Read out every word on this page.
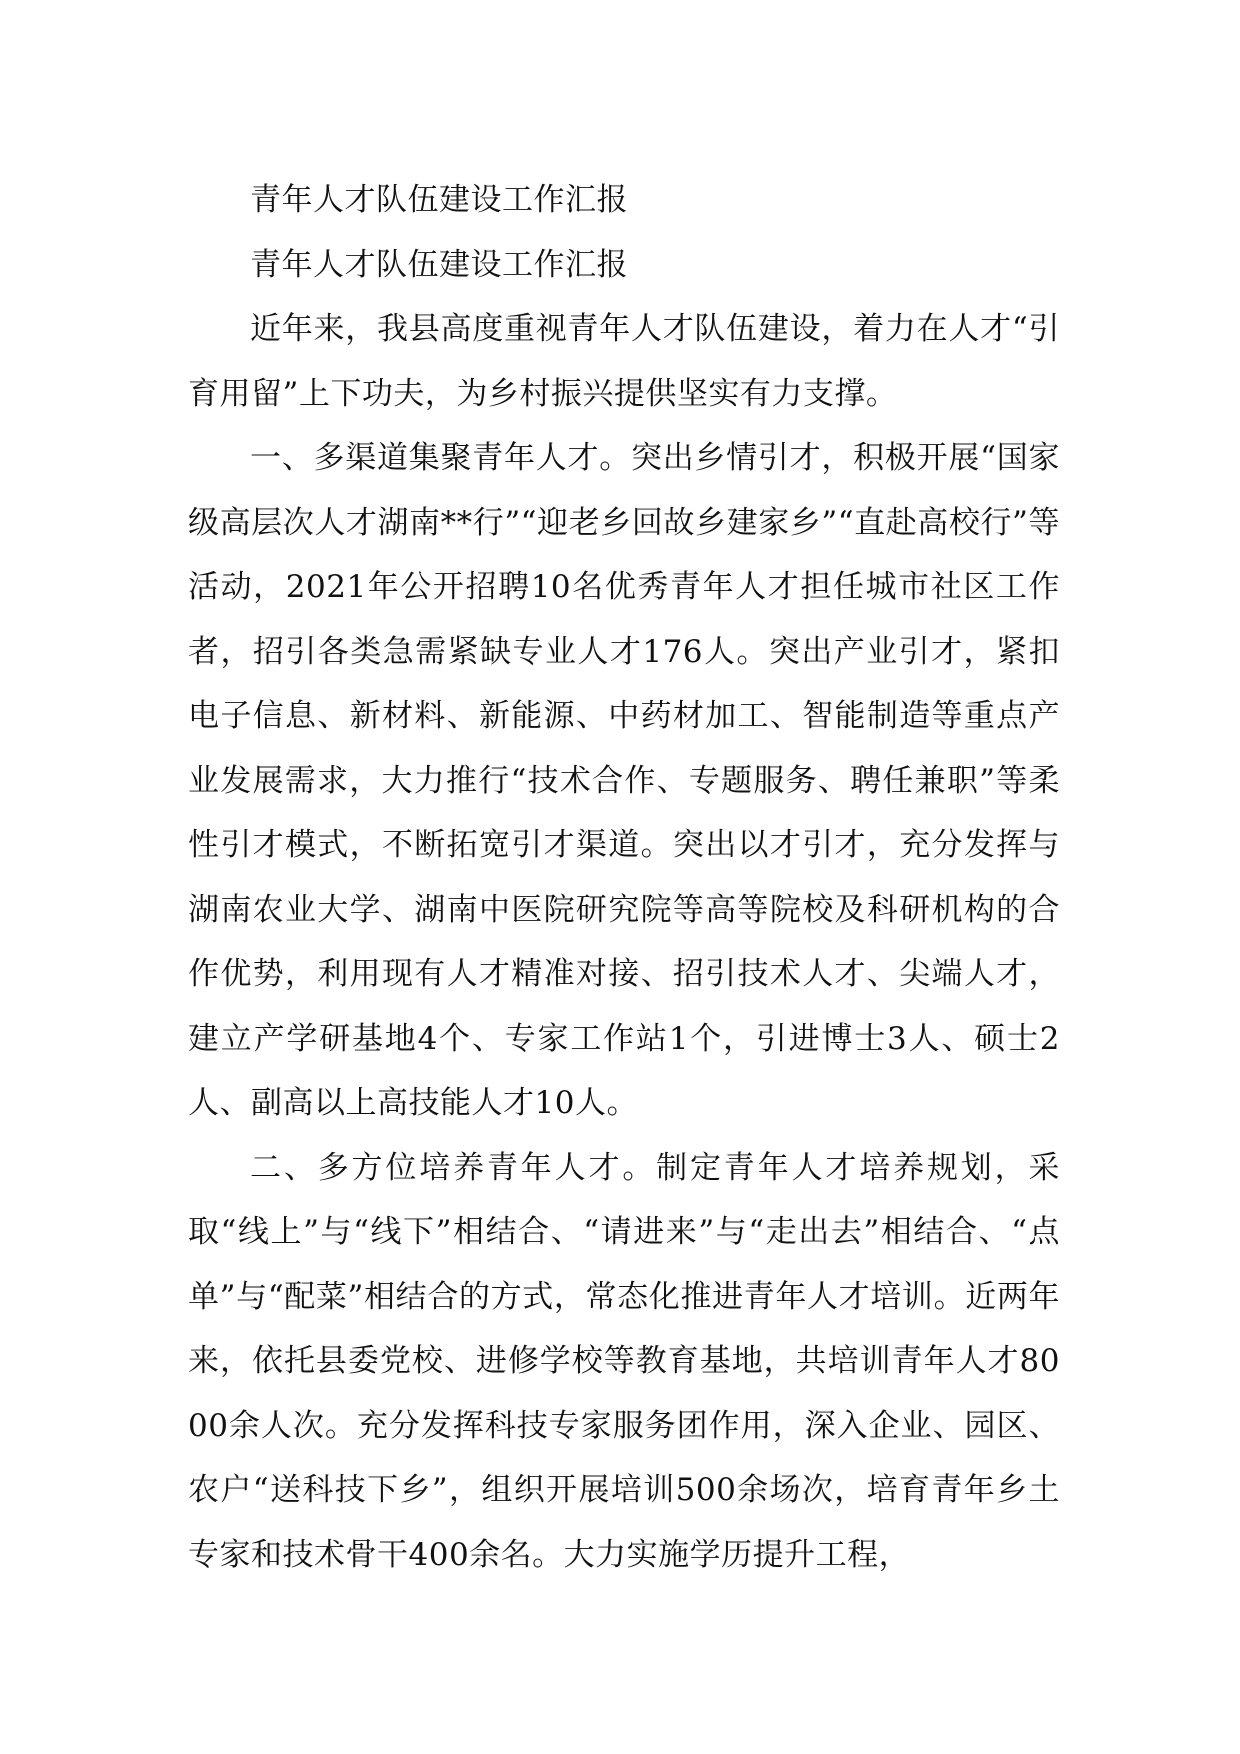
青年人才队伍建设工作汇报
青年人才队伍建设工作汇报

近年来，我县高度重视青年人才队伍建设，着力在人才“引育用留”上下功夫，为乡村振兴提供坚实有力支撑。

一、多渠道集聚青年人才。突出乡情引才，积极开展“国家级高层次人才湖南**行”“迎老乡回故乡建家乡”“直赴高校行”等活动，2021年公开招聘10名优秀青年人才担任城市社区工作者，招引各类急需紧缺专业人才176人。突出产业引才，紧扣电子信息、新材料、新能源、中药材加工、智能制造等重点产业发展需求，大力推行“技术合作、专题服务、聘任兼职”等柔性引才模式，不断拓宽引才渠道。突出以才引才，充分发挥与湖南农业大学、湖南中医院研究院等高等院校及科研机构的合作优势，利用现有人才精准对接、招引技术人才、尖端人才，建立产学研基地4个、专家工作站1个，引进博士3人、硕士2人、副高以上高技能人才10人。

二、多方位培养青年人才。制定青年人才培养规划，采取“线上”与“线下”相结合、“请进来”与“走出去”相结合、“点单”与“配菜”相结合的方式，常态化推进青年人才培训。近两年来，依托县委党校、进修学校等教育基地，共培训青年人才8000余人次。充分发挥科技专家服务团作用，深入企业、园区、农户“送科技下乡”，组织开展培训500余场次，培育青年乡土专家和技术骨干400余名。大力实施学历提升工程，
